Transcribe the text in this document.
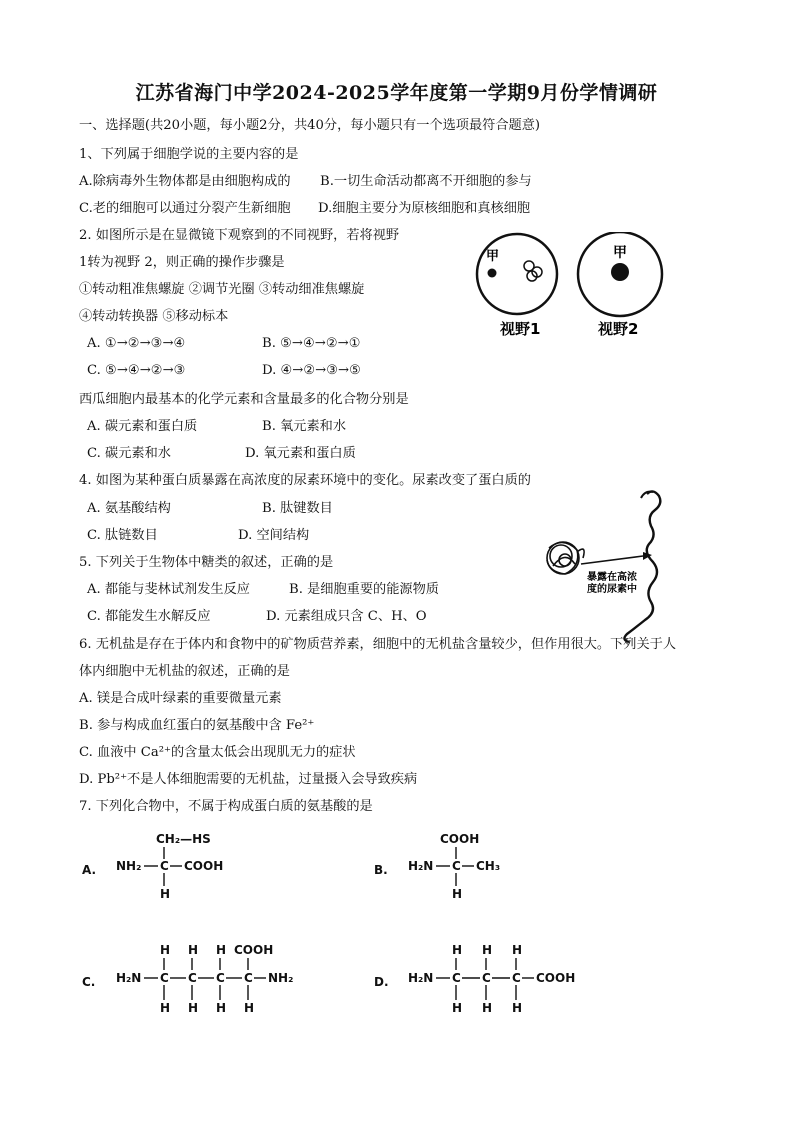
江苏省海门中学2024-2025学年度第一学期9月份学情调研
一、选择题(共20小题，每小题2分，共40分，每小题只有一个选项最符合题意)
1、下列属于细胞学说的主要内容的是
A.除病毒外生物体都是由细胞构成的 B.一切生命活动都离不开细胞的参与
C.老的细胞可以通过分裂产生新细胞 D.细胞主要分为原核细胞和真核细胞
2. 如图所示是在显微镜下观察到的不同视野，若将视野
1转为视野 2，则正确的操作步骤是
①转动粗准焦螺旋 ②调节光圈 ③转动细准焦螺旋
④转动转换器 ⑤移动标本
A. ①→②→③→④	B. ⑤→④→②→①
C. ⑤→④→②→③	D. ④→②→③→⑤
甲	甲
视野1	视野2
西瓜细胞内最基本的化学元素和含量最多的化合物分别是
A. 碳元素和蛋白质	B. 氧元素和水
C. 碳元素和水	D. 氧元素和蛋白质
4. 如图为某种蛋白质暴露在高浓度的尿素环境中的变化。尿素改变了蛋白质的
A. 氨基酸结构	B. 肽键数目
C. 肽链数目	D. 空间结构
暴露在高浓
度的尿素中
5. 下列关于生物体中糖类的叙述，正确的是
A. 都能与斐林试剂发生反应	B. 是细胞重要的能源物质
C. 都能发生水解反应	D. 元素组成只含 C、H、O
6. 无机盐是存在于体内和食物中的矿物质营养素，细胞中的无机盐含量较少，但作用很大。下列关于人
体内细胞中无机盐的叙述，正确的是
A. 镁是合成叶绿素的重要微量元素
B. 参与构成血红蛋白的氨基酸中含 Fe²⁺
C. 血液中 Ca²⁺的含量太低会出现肌无力的症状
D. Pb²⁺不是人体细胞需要的无机盐，过量摄入会导致疾病
7. 下列化合物中，不属于构成蛋白质的氨基酸的是
A.
CH₂—HS
NH₂ C COOH
H
B.
COOH
H₂N C CH₃
H
C. H₂N C C C C NH₂
H H H COOH
H H H H
D. H₂N C C C COOH
H H H
H H H
